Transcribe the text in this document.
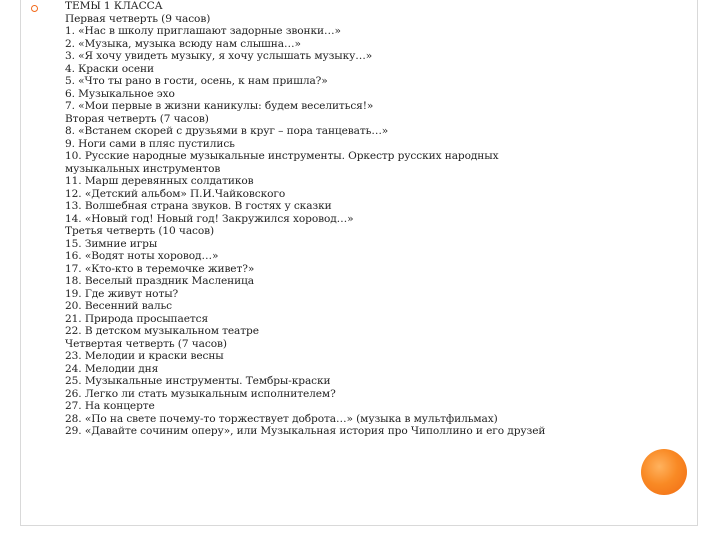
ТЕМЫ 1 КЛАССА
Первая четверть (9 часов)
1. «Нас в школу приглашают задорные звонки…»
2. «Музыка, музыка всюду нам слышна…»
3. «Я хочу увидеть музыку, я хочу услышать музыку…»
4. Краски осени
5. «Что ты рано в гости, осень, к нам пришла?»
6. Музыкальное эхо
7. «Мои первые в жизни каникулы: будем веселиться!»
Вторая четверть (7 часов)
8. «Встанем скорей с друзьями в круг – пора танцевать…»
9. Ноги сами в пляс пустились
10. Русские народные музыкальные инструменты. Оркестр русских народных
музыкальных инструментов
11. Марш деревянных солдатиков
12. «Детский альбом» П.И.Чайковского
13. Волшебная страна звуков. В гостях у сказки
14. «Новый год! Новый год! Закружился хоровод…»
Третья четверть (10 часов)
15. Зимние игры
16. «Водят ноты хоровод…»
17. «Кто-кто в теремочке живет?»
18. Веселый праздник Масленица
19. Где живут ноты?
20. Весенний вальс
21. Природа просыпается
22. В детском музыкальном театре
Четвертая четверть (7 часов)
23. Мелодии и краски весны
24. Мелодии дня
25. Музыкальные инструменты. Тембры-краски
26. Легко ли стать музыкальным исполнителем?
27. На концерте
28. «По на свете почему-то торжествует доброта…» (музыка в мультфильмах)
29. «Давайте сочиним оперу», или Музыкальная история про Чиполлино и его друзей
